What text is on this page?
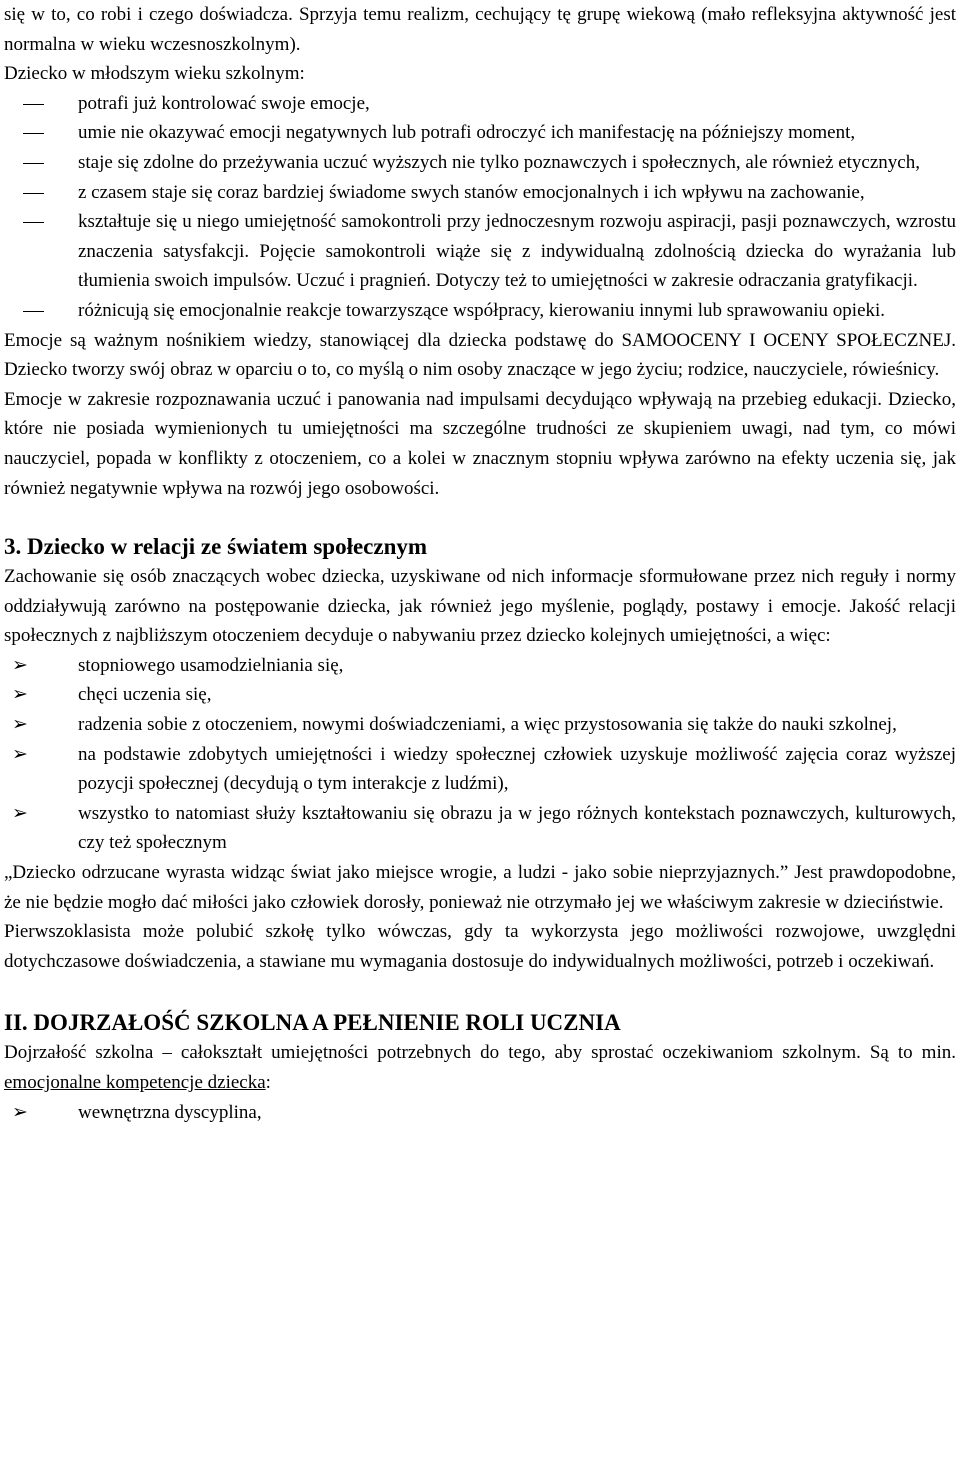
się w to, co robi i czego doświadcza. Sprzyja temu realizm, cechujący tę grupę wiekową (mało refleksyjna aktywność jest normalna w wieku wczesnoszkolnym).

Dziecko w młodszym wieku szkolnym:

potrafi już kontrolować swoje emocje,
umie nie okazywać emocji negatywnych lub potrafi odroczyć ich manifestację na późniejszy moment,
staje się zdolne do przeżywania uczuć wyższych nie tylko poznawczych i społecznych, ale również etycznych,
z czasem staje się coraz bardziej świadome swych stanów emocjonalnych i ich wpływu na zachowanie,
kształtuje się u niego umiejętność samokontroli przy jednoczesnym rozwoju aspiracji, pasji poznawczych, wzrostu znaczenia satysfakcji. Pojęcie samokontroli wiąże się z indywidualną zdolnością dziecka do wyrażania lub tłumienia swoich impulsów. Uczuć i pragnień. Dotyczy też to umiejętności w zakresie odraczania gratyfikacji.
różnicują się emocjonalnie reakcje towarzyszące współpracy, kierowaniu innymi lub sprawowaniu opieki.

Emocje są ważnym nośnikiem wiedzy, stanowiącej dla dziecka podstawę do SAMOOCENY I OCENY SPOŁECZNEJ. Dziecko tworzy swój obraz w oparciu o to, co myślą o nim osoby znaczące w jego życiu; rodzice, nauczyciele, rówieśnicy.

Emocje w zakresie rozpoznawania uczuć i panowania nad impulsami decydująco wpływają na przebieg edukacji. Dziecko, które nie posiada wymienionych tu umiejętności ma szczególne trudności ze skupieniem uwagi, nad tym, co mówi nauczyciel, popada w konflikty z otoczeniem, co a kolei w znacznym stopniu wpływa zarówno na efekty uczenia się, jak również negatywnie wpływa na rozwój jego osobowości.

3. Dziecko w relacji ze światem społecznym

Zachowanie się osób znaczących wobec dziecka, uzyskiwane od nich informacje sformułowane przez nich reguły i normy oddziaływują zarówno na postępowanie dziecka, jak również jego myślenie, poglądy, postawy i emocje. Jakość relacji społecznych z najbliższym otoczeniem decyduje o nabywaniu przez dziecko kolejnych umiejętności, a więc:

➢	stopniowego usamodzielniania się,
➢	chęci uczenia się,
➢	radzenia sobie z otoczeniem, nowymi doświadczeniami, a więc przystosowania się także do nauki szkolnej,
➢	na podstawie zdobytych umiejętności i wiedzy społecznej człowiek uzyskuje możliwość zajęcia coraz wyższej pozycji społecznej (decydują o tym interakcje z ludźmi),
➢	wszystko to natomiast służy kształtowaniu się obrazu ja w jego różnych kontekstach poznawczych, kulturowych, czy też społecznym

„Dziecko odrzucane wyrasta widząc świat jako miejsce wrogie, a ludzi - jako sobie nieprzyjaznych.” Jest prawdopodobne, że nie będzie mogło dać miłości jako człowiek dorosły, ponieważ nie otrzymało jej we właściwym zakresie w dzieciństwie.

Pierwszoklasista może polubić szkołę tylko wówczas, gdy ta wykorzysta jego możliwości rozwojowe, uwzględni dotychczasowe doświadczenia, a stawiane mu wymagania dostosuje do indywidualnych możliwości, potrzeb i oczekiwań.

II. DOJRZAŁOŚĆ SZKOLNA A PEŁNIENIE ROLI UCZNIA

Dojrzałość szkolna – całokształt umiejętności potrzebnych do tego, aby sprostać oczekiwaniom szkolnym. Są to min. emocjonalne kompetencje dziecka:

➢	wewnętrzna dyscyplina,
